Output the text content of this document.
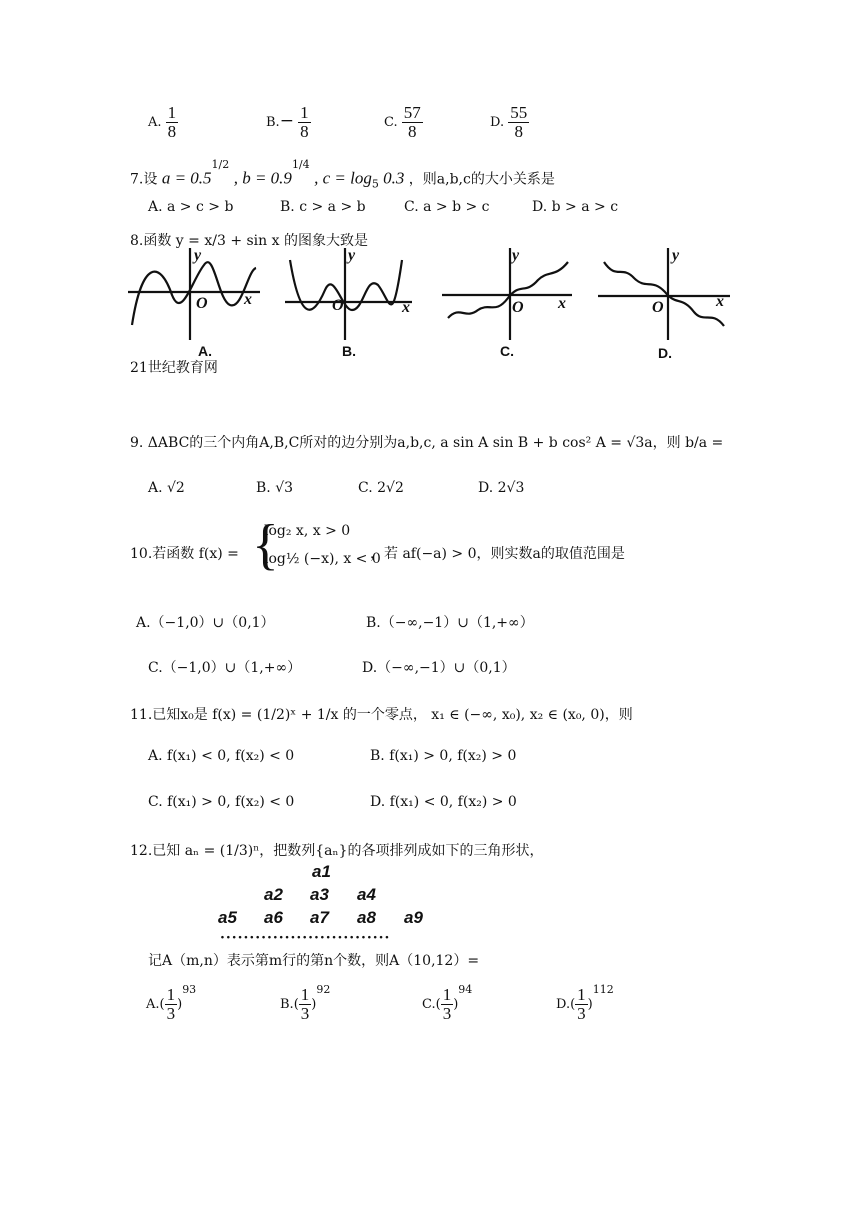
A. $\frac{1}{8}$	$B.- \frac{1}{8}$	C. $\frac{57}{8}$	D. $\frac{55}{8}$
7.设 $a = 0.5^{1/2}$ , $b = 0.9^{1/4}$ , $c = \log_5 0.3$ ，则a,b,c的大小关系是
A. a > c > b	B. c > a > b	C. a > b > c	D. b > a > c
8.函数 y = x/3 + sin x 的图象大致是
O x
y
O	x
y
O x
y
O	x
y
A.	B.	C.	D.
21世纪教育网
9. ΔABC的三个内角A,B,C所对的边分别为a,b,c, a sin A sin B + b cos² A = √3a，则 b/a =
A. √2	B. √3	C. 2√2	D. 2√3
10.若函数 f(x) = {
log₂ x, x > 0
log½ (−x), x < 0
，若 af(−a) > 0，则实数a的取值范围是
A.（−1,0）∪（0,1）	B.（−∞,−1）∪（1,+∞）
C.（−1,0）∪（1,+∞）	D.（−∞,−1）∪（0,1）
11.已知x₀是 f(x) = (1/2)ˣ + 1/x 的一个零点， x₁ ∈ (−∞, x₀), x₂ ∈ (x₀, 0)，则
A. f(x₁) < 0, f(x₂) < 0	B. f(x₁) > 0, f(x₂) > 0
C. f(x₁) > 0, f(x₂) < 0	D. f(x₁) < 0, f(x₂) > 0
12.已知 aₙ = (1/3)ⁿ，把数列{aₙ}的各项排列成如下的三角形状，
a1
a2 a3 a4
a5 a6 a7 a8 a9
·····························
记A（m,n）表示第m行的第n个数，则A（10,12）=
$A.( \frac{1}{3} )^{93}$
$B.( \frac{1}{3} )^{92}$
$C.( \frac{1}{3} )^{94}$
$D.( \frac{1}{3} )^{112}$
